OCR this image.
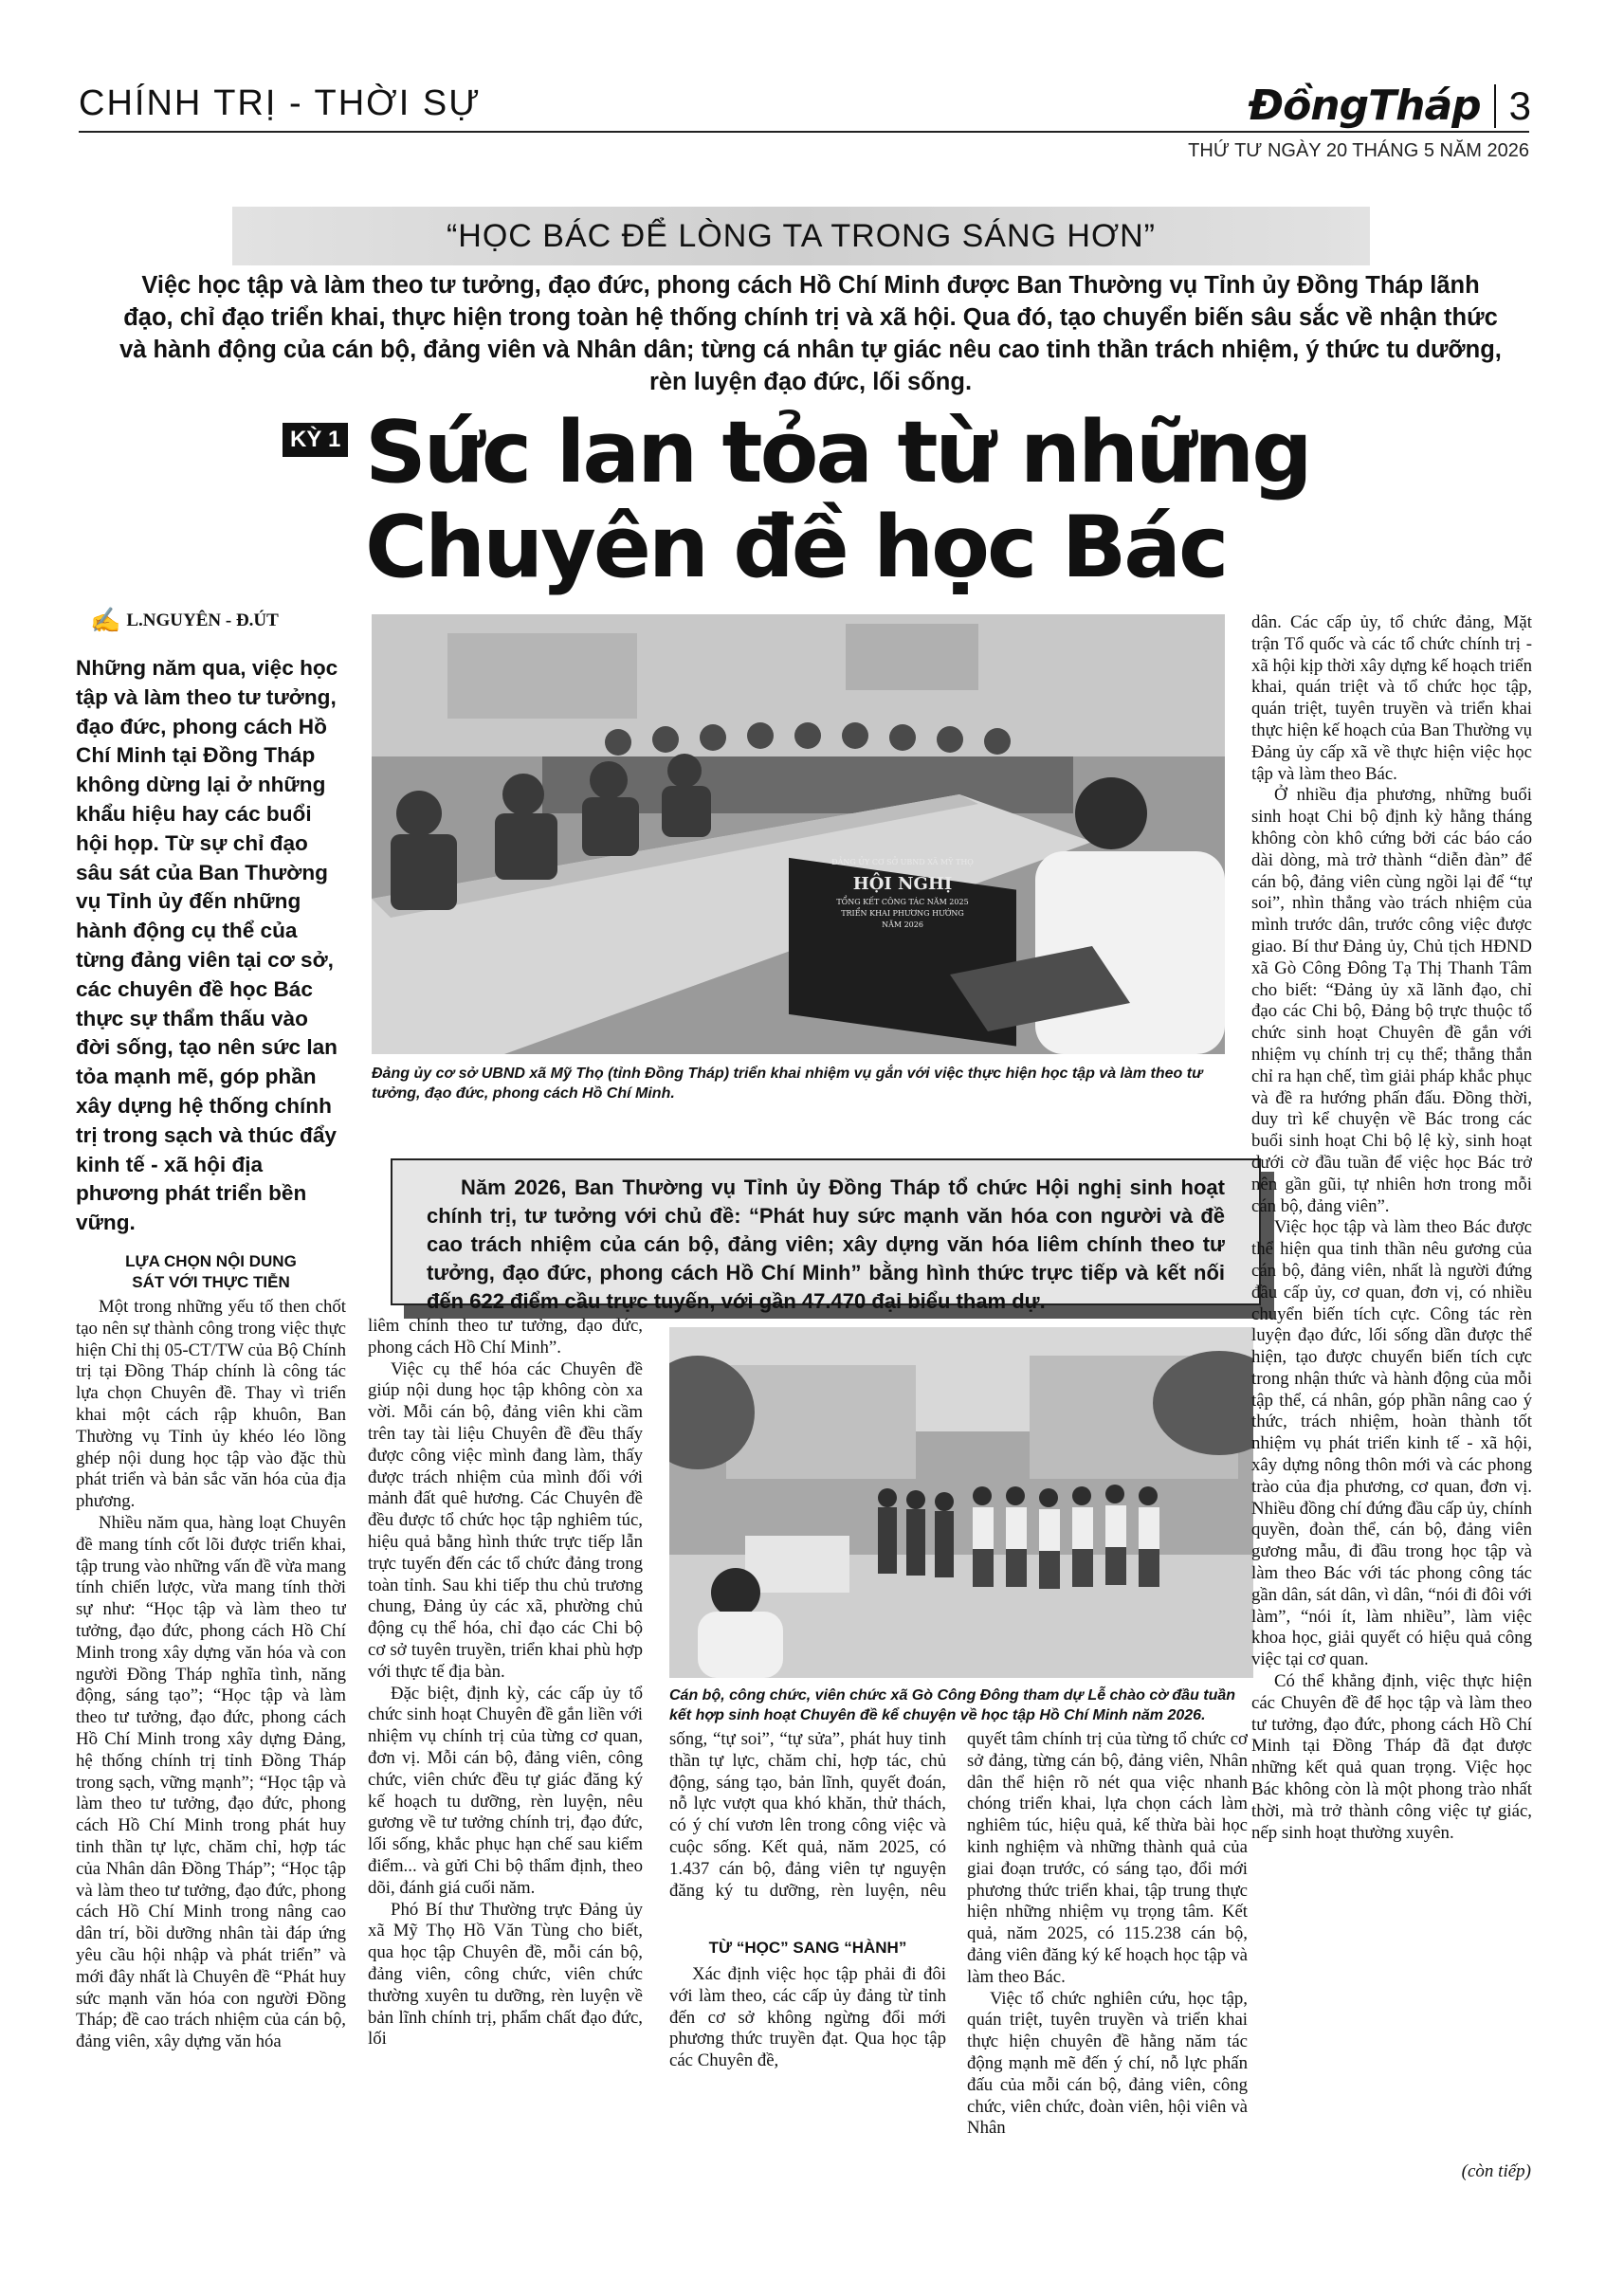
CHÍNH TRỊ - THỜI SỰ	ĐồngTháp 3
THỨ TƯ NGÀY 20 THÁNG 5 NĂM 2026
“HỌC BÁC ĐỂ LÒNG TA TRONG SÁNG HƠN”
Việc học tập và làm theo tư tưởng, đạo đức, phong cách Hồ Chí Minh được Ban Thường vụ Tỉnh ủy Đồng Tháp lãnh đạo, chỉ đạo triển khai, thực hiện trong toàn hệ thống chính trị và xã hội. Qua đó, tạo chuyển biến sâu sắc về nhận thức và hành động của cán bộ, đảng viên và Nhân dân; từng cá nhân tự giác nêu cao tinh thần trách nhiệm, ý thức tu dưỡng, rèn luyện đạo đức, lối sống.
KỲ 1 Sức lan tỏa từ những
Chuyên đề học Bác
✍ L.NGUYÊN - Đ.ÚT
Những năm qua, việc học tập và làm theo tư tưởng, đạo đức, phong cách Hồ Chí Minh tại Đồng Tháp không dừng lại ở những khẩu hiệu hay các buổi hội họp. Từ sự chỉ đạo sâu sát của Ban Thường vụ Tỉnh ủy đến những hành động cụ thể của từng đảng viên tại cơ sở, các chuyên đề học Bác thực sự thẩm thấu vào đời sống, tạo nên sức lan tỏa mạnh mẽ, góp phần xây dựng hệ thống chính trị trong sạch và thúc đẩy kinh tế - xã hội địa phương phát triển bền vững.
LỰA CHỌN NỘI DUNG
SÁT VỚI THỰC TIỄN

Một trong những yếu tố then chốt tạo nên sự thành công trong việc thực hiện Chỉ thị 05-CT/TW của Bộ Chính trị tại Đồng Tháp chính là công tác lựa chọn Chuyên đề. Thay vì triển khai một cách rập khuôn, Ban Thường vụ Tỉnh ủy khéo léo lồng ghép nội dung học tập vào đặc thù phát triển và bản sắc văn hóa của địa phương.

Nhiều năm qua, hàng loạt Chuyên đề mang tính cốt lõi được triển khai, tập trung vào những vấn đề vừa mang tính chiến lược, vừa mang tính thời sự như: “Học tập và làm theo tư tưởng, đạo đức, phong cách Hồ Chí Minh trong xây dựng văn hóa và con người Đồng Tháp nghĩa tình, năng động, sáng tạo”; “Học tập và làm theo tư tưởng, đạo đức, phong cách Hồ Chí Minh trong xây dựng Đảng, hệ thống chính trị tỉnh Đồng Tháp trong sạch, vững mạnh”; “Học tập và làm theo tư tưởng, đạo đức, phong cách Hồ Chí Minh trong phát huy tinh thần tự lực, chăm chỉ, hợp tác của Nhân dân Đồng Tháp”; “Học tập và làm theo tư tưởng, đạo đức, phong cách Hồ Chí Minh trong nâng cao dân trí, bồi dưỡng nhân tài đáp ứng yêu cầu hội nhập và phát triển” và mới đây nhất là Chuyên đề “Phát huy sức mạnh văn hóa con người Đồng Tháp; đề cao trách nhiệm của cán bộ, đảng viên, xây dựng văn hóa

ĐẢNG ỦY CƠ SỞ UBND XÃ MỸ THỌ
HỘI NGHỊ
TỔNG KẾT CÔNG TÁC NĂM 2025
TRIỂN KHAI PHƯƠNG HƯỚNG
NĂM 2026
Đảng ủy cơ sở UBND xã Mỹ Thọ (tỉnh Đồng Tháp) triển khai nhiệm vụ gắn với việc thực hiện học tập và làm theo tư tưởng, đạo đức, phong cách Hồ Chí Minh.

Năm 2026, Ban Thường vụ Tỉnh ủy Đồng Tháp tổ chức Hội nghị sinh hoạt chính trị, tư tưởng với chủ đề: “Phát huy sức mạnh văn hóa con người và đề cao trách nhiệm của cán bộ, đảng viên; xây dựng văn hóa liêm chính theo tư tưởng, đạo đức, phong cách Hồ Chí Minh” bằng hình thức trực tiếp và kết nối đến 622 điểm cầu trực tuyến, với gần 47.470 đại biểu tham dự.

liêm chính theo tư tưởng, đạo đức, phong cách Hồ Chí Minh”.

Việc cụ thể hóa các Chuyên đề giúp nội dung học tập không còn xa vời. Mỗi cán bộ, đảng viên khi cầm trên tay tài liệu Chuyên đề đều thấy được công việc mình đang làm, thấy được trách nhiệm của mình đối với mảnh đất quê hương. Các Chuyên đề đều được tổ chức học tập nghiêm túc, hiệu quả bằng hình thức trực tiếp lẫn trực tuyến đến các tổ chức đảng trong toàn tỉnh. Sau khi tiếp thu chủ trương chung, Đảng ủy các xã, phường chủ động cụ thể hóa, chỉ đạo các Chi bộ cơ sở tuyên truyền, triển khai phù hợp với thực tế địa bàn.

Đặc biệt, định kỳ, các cấp ủy tổ chức sinh hoạt Chuyên đề gắn liền với nhiệm vụ chính trị của từng cơ quan, đơn vị. Mỗi cán bộ, đảng viên, công chức, viên chức đều tự giác đăng ký kế hoạch tu dưỡng, rèn luyện, nêu gương về tư tưởng chính trị, đạo đức, lối sống, khắc phục hạn chế sau kiểm điểm... và gửi Chi bộ thẩm định, theo dõi, đánh giá cuối năm.

Phó Bí thư Thường trực Đảng ủy xã Mỹ Thọ Hồ Văn Tùng cho biết, qua học tập Chuyên đề, mỗi cán bộ, đảng viên, công chức, viên chức thường xuyên tu dưỡng, rèn luyện về bản lĩnh chính trị, phẩm chất đạo đức, lối

Cán bộ, công chức, viên chức xã Gò Công Đông tham dự Lễ chào cờ đầu tuần kết hợp sinh hoạt Chuyên đề kể chuyện về học tập Hồ Chí Minh năm 2026.

sống, “tự soi”, “tự sửa”, phát huy tinh thần tự lực, chăm chỉ, hợp tác, chủ động, sáng tạo, bản lĩnh, quyết đoán, nỗ lực vượt qua khó khăn, thử thách, có ý chí vươn lên trong công việc và cuộc sống. Kết quả, năm 2025, có 1.437 cán bộ, đảng viên tự nguyện đăng ký tu dưỡng, rèn luyện, nêu

TỪ “HỌC” SANG “HÀNH”

Xác định việc học tập phải đi đôi với làm theo, các cấp ủy đảng từ tỉnh đến cơ sở không ngừng đổi mới phương thức truyền đạt. Qua học tập các Chuyên đề,

quyết tâm chính trị của từng tổ chức cơ sở đảng, từng cán bộ, đảng viên, Nhân dân thể hiện rõ nét qua việc nhanh chóng triển khai, lựa chọn cách làm nghiêm túc, hiệu quả, kế thừa bài học kinh nghiệm và những thành quả của giai đoạn trước, có sáng tạo, đổi mới phương thức triển khai, tập trung thực hiện những nhiệm vụ trọng tâm. Kết quả, năm 2025, có 115.238 cán bộ, đảng viên đăng ký kế hoạch học tập và làm theo Bác.

Việc tổ chức nghiên cứu, học tập, quán triệt, tuyên truyền và triển khai thực hiện chuyên đề hằng năm tác động mạnh mẽ đến ý chí, nỗ lực phấn đấu của mỗi cán bộ, đảng viên, công chức, viên chức, đoàn viên, hội viên và Nhân

dân. Các cấp ủy, tổ chức đảng, Mặt trận Tổ quốc và các tổ chức chính trị - xã hội kịp thời xây dựng kế hoạch triển khai, quán triệt và tổ chức học tập, quán triệt, tuyên truyền và triển khai thực hiện kế hoạch của Ban Thường vụ Đảng ủy cấp xã về thực hiện việc học tập và làm theo Bác.

Ở nhiều địa phương, những buổi sinh hoạt Chi bộ định kỳ hằng tháng không còn khô cứng bởi các báo cáo dài dòng, mà trở thành “diễn đàn” để cán bộ, đảng viên cùng ngồi lại để “tự soi”, nhìn thẳng vào trách nhiệm của mình trước dân, trước công việc được giao. Bí thư Đảng ủy, Chủ tịch HĐND xã Gò Công Đông Tạ Thị Thanh Tâm cho biết: “Đảng ủy xã lãnh đạo, chỉ đạo các Chi bộ, Đảng bộ trực thuộc tổ chức sinh hoạt Chuyên đề gắn với nhiệm vụ chính trị cụ thể; thẳng thắn chỉ ra hạn chế, tìm giải pháp khắc phục và đề ra hướng phấn đấu. Đồng thời, duy trì kể chuyện về Bác trong các buổi sinh hoạt Chi bộ lệ kỳ, sinh hoạt dưới cờ đầu tuần để việc học Bác trở nên gần gũi, tự nhiên hơn trong mỗi cán bộ, đảng viên”.

Việc học tập và làm theo Bác được thể hiện qua tinh thần nêu gương của cán bộ, đảng viên, nhất là người đứng đầu cấp ủy, cơ quan, đơn vị, có nhiều chuyển biến tích cực. Công tác rèn luyện đạo đức, lối sống dần được thể hiện, tạo được chuyển biến tích cực trong nhận thức và hành động của mỗi tập thể, cá nhân, góp phần nâng cao ý thức, trách nhiệm, hoàn thành tốt nhiệm vụ phát triển kinh tế - xã hội, xây dựng nông thôn mới và các phong trào của địa phương, cơ quan, đơn vị. Nhiều đồng chí đứng đầu cấp ủy, chính quyền, đoàn thể, cán bộ, đảng viên gương mẫu, đi đầu trong học tập và làm theo Bác với tác phong công tác gần dân, sát dân, vì dân, “nói đi đôi với làm”, “nói ít, làm nhiều”, làm việc khoa học, giải quyết có hiệu quả công việc tại cơ quan.

Có thể khẳng định, việc thực hiện các Chuyên đề để học tập và làm theo tư tưởng, đạo đức, phong cách Hồ Chí Minh tại Đồng Tháp đã đạt được những kết quả quan trọng. Việc học Bác không còn là một phong trào nhất thời, mà trở thành công việc tự giác, nếp sinh hoạt thường xuyên.

(còn tiếp)
